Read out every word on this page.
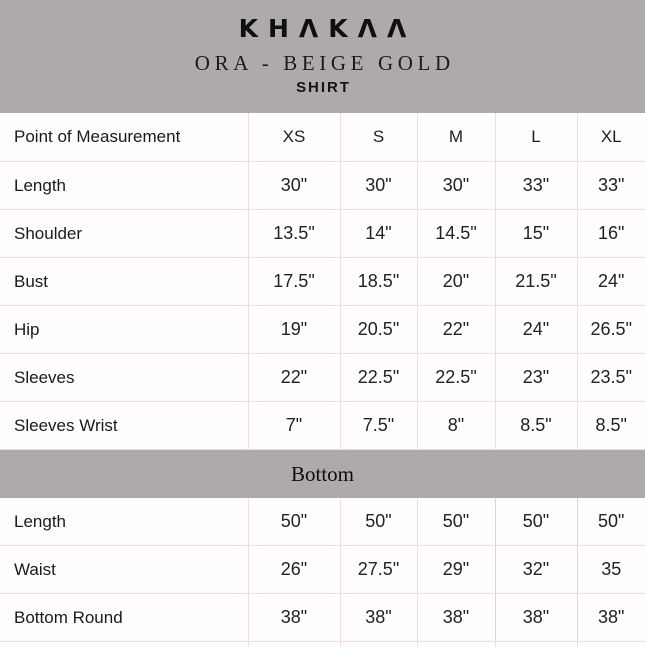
KHΛKΛΛ
ORA - BEIGE GOLD
SHIRT
Point of Measurement	XS	S	M	L	XL
Length	30"	30"	30"	33"	33"
Shoulder	13.5"	14"	14.5"	15"	16"
Bust	17.5"	18.5"	20"	21.5"	24"
Hip	19"	20.5"	22"	24"	26.5"
Sleeves	22"	22.5"	22.5"	23"	23.5"
Sleeves Wrist	7"	7.5"	8"	8.5"	8.5"
Bottom					
Length	50"	50"	50"	50"	50"
Waist	26"	27.5"	29"	32"	35
Bottom Round	38"	38"	38"	38"	38"
